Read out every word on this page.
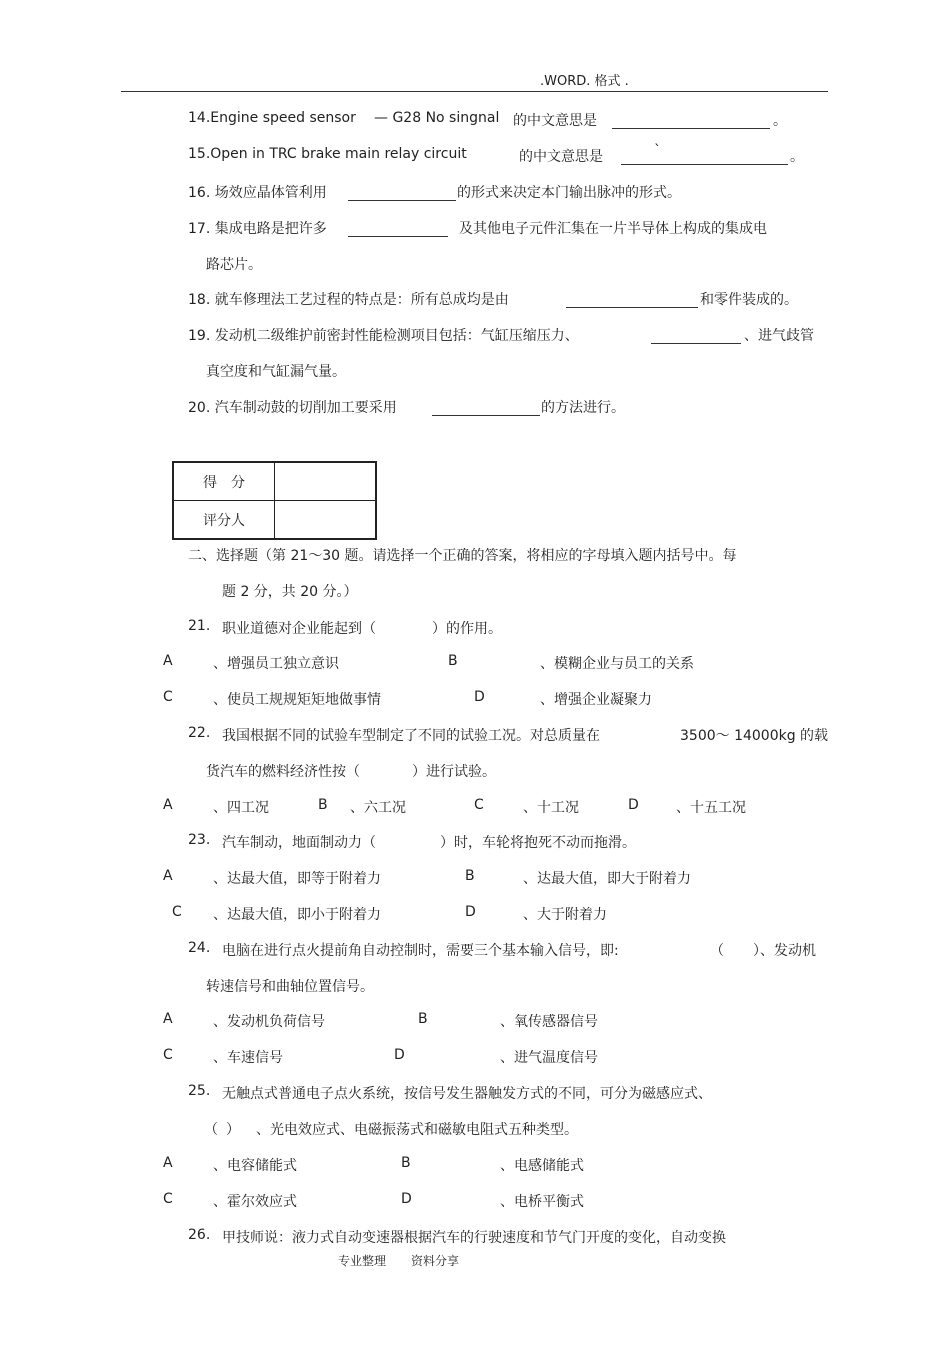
.WORD. 格式 .
14.Engine speed sensor — G28 No singnal 的中文意思是	。
15.Open in TRC brake main relay circuit	的中文意思是	`	。
16. 场效应晶体管利用	的形式来决定本门输出脉冲的形式。
17. 集成电路是把许多	及其他电子元件汇集在一片半导体上构成的集成电
路芯片。
18. 就车修理法工艺过程的特点是：所有总成均是由	和零件装成的。
19. 发动机二级维护前密封性能检测项目包括：气缸压缩压力、	、进气歧管
真空度和气缸漏气量。
20. 汽车制动鼓的切削加工要采用	的方法进行。
得　分	
评分人	
二、选择题（第 21～30 题。请选择一个正确的答案，将相应的字母填入题内括号中。每
题 2 分，共 20 分。）
21. 职业道德对企业能起到（	）的作用。
A	、增强员工独立意识	B	、模糊企业与员工的关系
C	、使员工规规矩矩地做事情	D	、增强企业凝聚力
22. 我国根据不同的试验车型制定了不同的试验工况。对总质量在	3500～ 14000kg 的载
货汽车的燃料经济性按（	）进行试验。
A	、四工况	B 、六工况	C	、十工况	D	、十五工况
23. 汽车制动，地面制动力（	）时，车轮将抱死不动而拖滑。
A	、达最大值，即等于附着力	B	、达最大值，即大于附着力
C 、达最大值，即小于附着力	D	、大于附着力
24. 电脑在进行点火提前角自动控制时，需要三个基本输入信号，即:	（ ）、发动机
转速信号和曲轴位置信号。
A	、发动机负荷信号	B	、氧传感器信号
C	、车速信号	D	、进气温度信号
25. 无触点式普通电子点火系统，按信号发生器触发方式的不同，可分为磁感应式、
（ ） 、光电效应式、电磁振荡式和磁敏电阻式五种类型。
A	、电容储能式	B	、电感储能式
C	、霍尔效应式	D	、电桥平衡式
26. 甲技师说：液力式自动变速器根据汽车的行驶速度和节气门开度的变化，自动变换
专业整理 资料分享
